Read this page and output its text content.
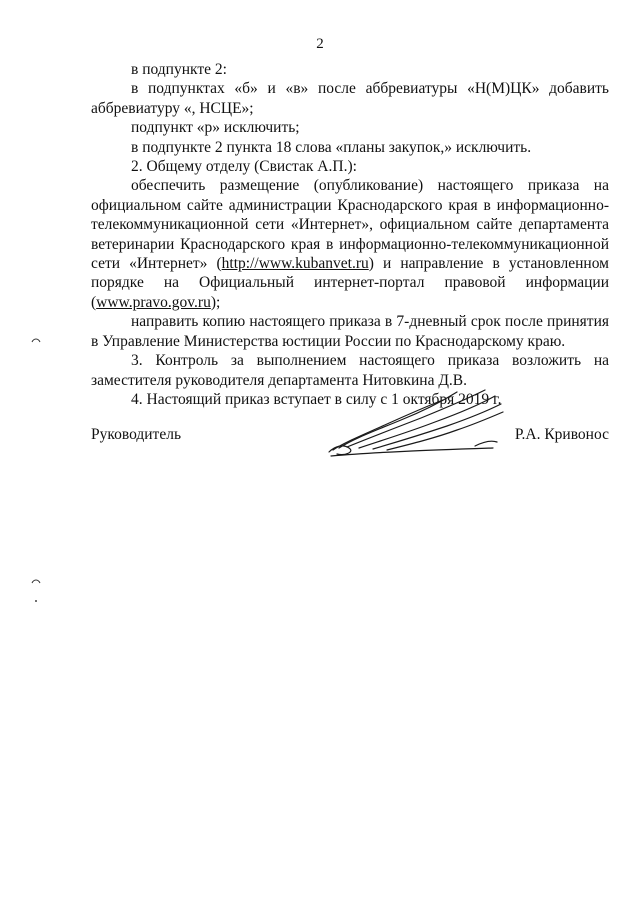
2

в подпункте 2:

в подпунктах «б» и «в» после аббревиатуры «Н(М)ЦК» добавить аббревиатуру «, НСЦЕ»;

подпункт «р» исключить;

в подпункте 2 пункта 18 слова «планы закупок,» исключить.

2. Общему отделу (Свистак А.П.):

обеспечить размещение (опубликование) настоящего приказа на официальном сайте администрации Краснодарского края в информационно-телекоммуникационной сети «Интернет», официальном сайте департамента ветеринарии Краснодарского края в информационно-телекоммуникационной сети «Интернет» (http://www.kubanvet.ru) и направление в установленном порядке на Официальный интернет-портал правовой информации (www.pravo.gov.ru);

направить копию настоящего приказа в 7-дневный срок после принятия в Управление Министерства юстиции России по Краснодарскому краю.

3. Контроль за выполнением настоящего приказа возложить на заместителя руководителя департамента Нитовкина Д.В.

4. Настоящий приказ вступает в силу с 1 октября 2019 г.

Руководитель	Р.А. Кривонос
